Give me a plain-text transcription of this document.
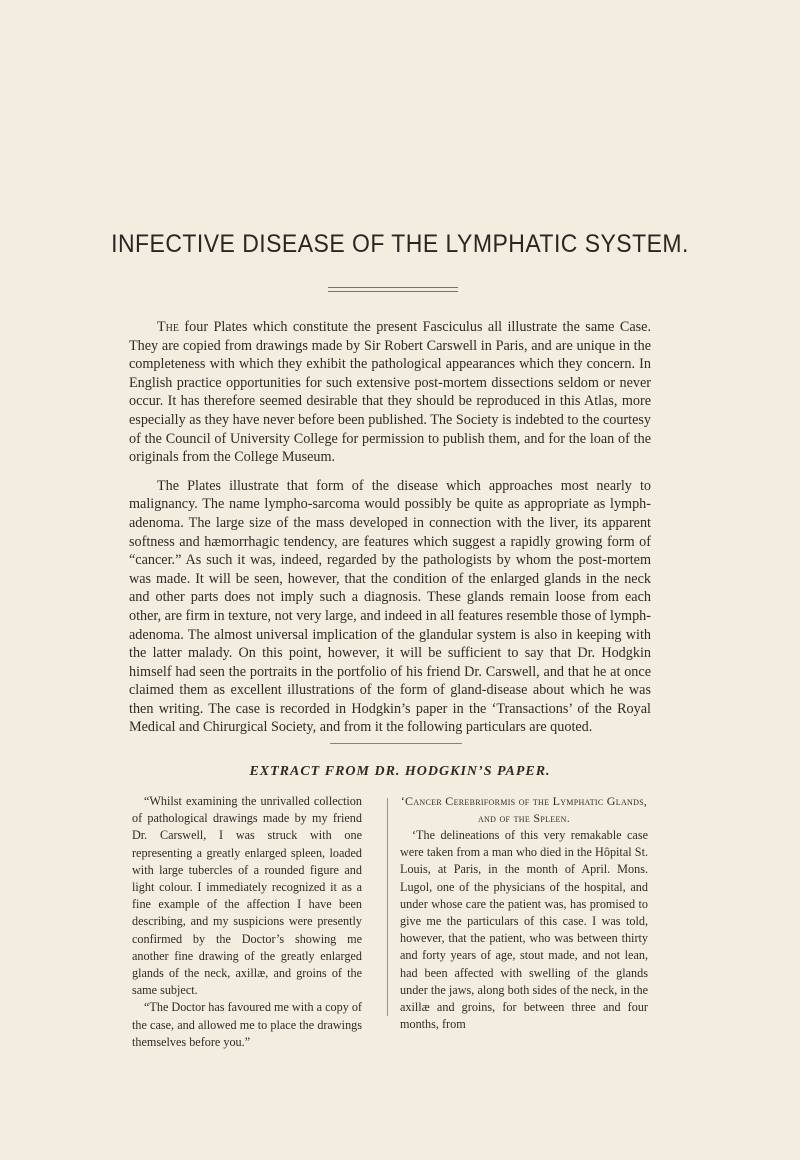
INFECTIVE DISEASE OF THE LYMPHATIC SYSTEM.

The four Plates which constitute the present Fasciculus all illustrate the same Case. They are copied from drawings made by Sir Robert Carswell in Paris, and are unique in the completeness with which they exhibit the pathological appearances which they concern. In English practice opportunities for such extensive post-mortem dissections seldom or never occur. It has therefore seemed desirable that they should be reproduced in this Atlas, more especially as they have never before been published. The Society is indebted to the courtesy of the Council of University College for permission to publish them, and for the loan of the originals from the College Museum.

The Plates illustrate that form of the disease which approaches most nearly to malignancy. The name lympho-sarcoma would possibly be quite as appropriate as lymph-adenoma. The large size of the mass developed in connection with the liver, its apparent softness and hæmorrhagic tendency, are features which suggest a rapidly growing form of “cancer.” As such it was, indeed, regarded by the pathologists by whom the post-mortem was made. It will be seen, however, that the condition of the enlarged glands in the neck and other parts does not imply such a diagnosis. These glands remain loose from each other, are firm in texture, not very large, and indeed in all features resemble those of lymph-adenoma. The almost universal implication of the glandular system is also in keeping with the latter malady. On this point, however, it will be sufficient to say that Dr. Hodgkin himself had seen the portraits in the portfolio of his friend Dr. Carswell, and that he at once claimed them as excellent illustrations of the form of gland-disease about which he was then writing. The case is recorded in Hodgkin’s paper in the ‘Transactions’ of the Royal Medical and Chirurgical Society, and from it the following particulars are quoted.

EXTRACT FROM DR. HODGKIN’S PAPER.

“Whilst examining the unrivalled collection of pathological drawings made by my friend Dr. Carswell, I was struck with one representing a greatly enlarged spleen, loaded with large tubercles of a rounded figure and light colour. I immediately recognized it as a fine example of the affection I have been describing, and my suspicions were presently confirmed by the Doctor’s showing me another fine drawing of the greatly enlarged glands of the neck, axillæ, and groins of the same subject.

“The Doctor has favoured me with a copy of the case, and allowed me to place the drawings themselves before you.”

‘Cancer Cerebriformis of the Lymphatic Glands, and of the Spleen.

‘The delineations of this very remakable case were taken from a man who died in the Hôpital St. Louis, at Paris, in the month of April. Mons. Lugol, one of the physicians of the hospital, and under whose care the patient was, has promised to give me the particulars of this case. I was told, however, that the patient, who was between thirty and forty years of age, stout made, and not lean, had been affected with swelling of the glands under the jaws, along both sides of the neck, in the axillæ and groins, for between three and four months, from
